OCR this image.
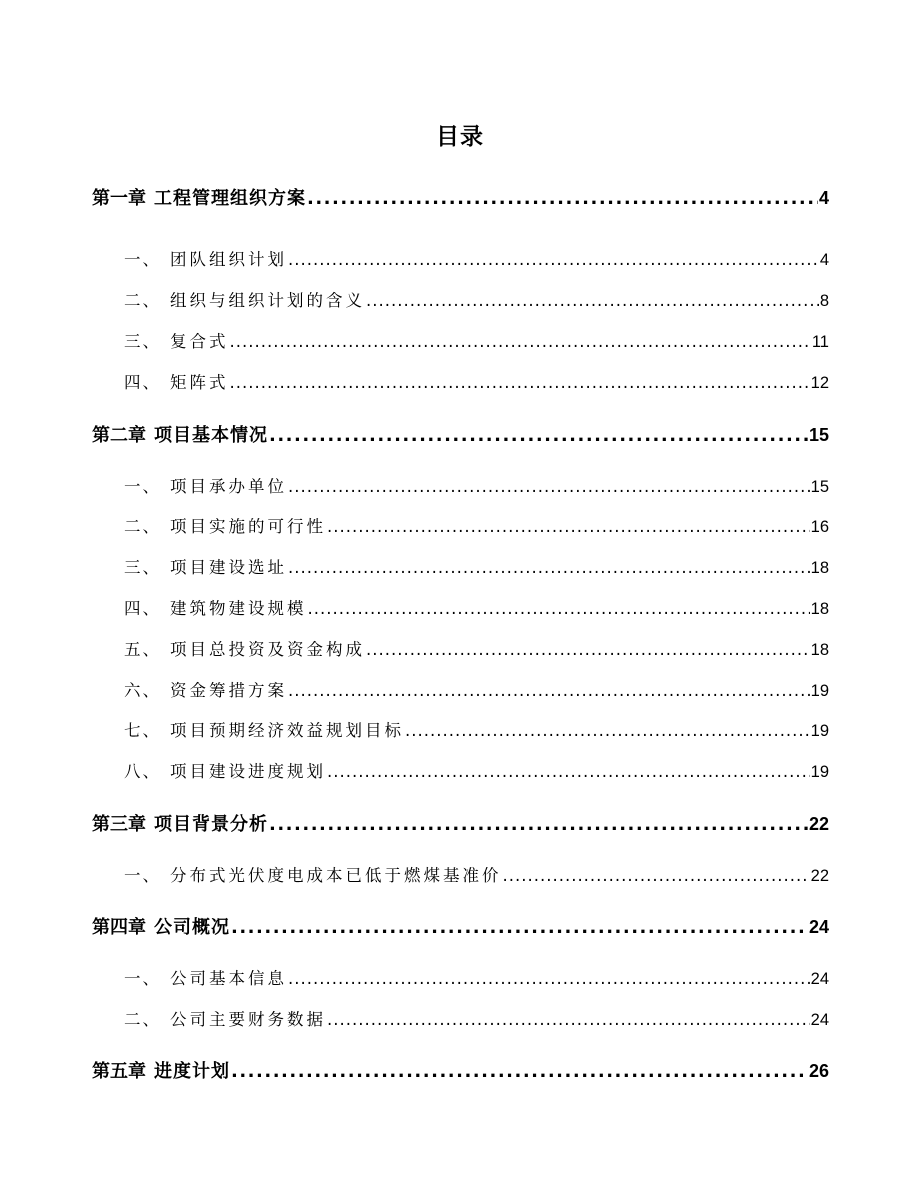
目录
第一章 工程管理组织方案 .....	4
一、 团队组织计划 .....	4
二、 组织与组织计划的含义 .....	8
三、 复合式 .....	11
四、 矩阵式 .....	12
第二章 项目基本情况 .....	15
一、 项目承办单位 .....	15
二、 项目实施的可行性 .....	16
三、 项目建设选址 .....	18
四、 建筑物建设规模 .....	18
五、 项目总投资及资金构成 .....	18
六、 资金筹措方案 .....	19
七、 项目预期经济效益规划目标 .....	19
八、 项目建设进度规划 .....	19
第三章 项目背景分析 .....	22
一、 分布式光伏度电成本已低于燃煤基准价 .....	22
第四章 公司概况 .....	24
一、 公司基本信息 .....	24
二、 公司主要财务数据 .....	24
第五章 进度计划 .....	26
